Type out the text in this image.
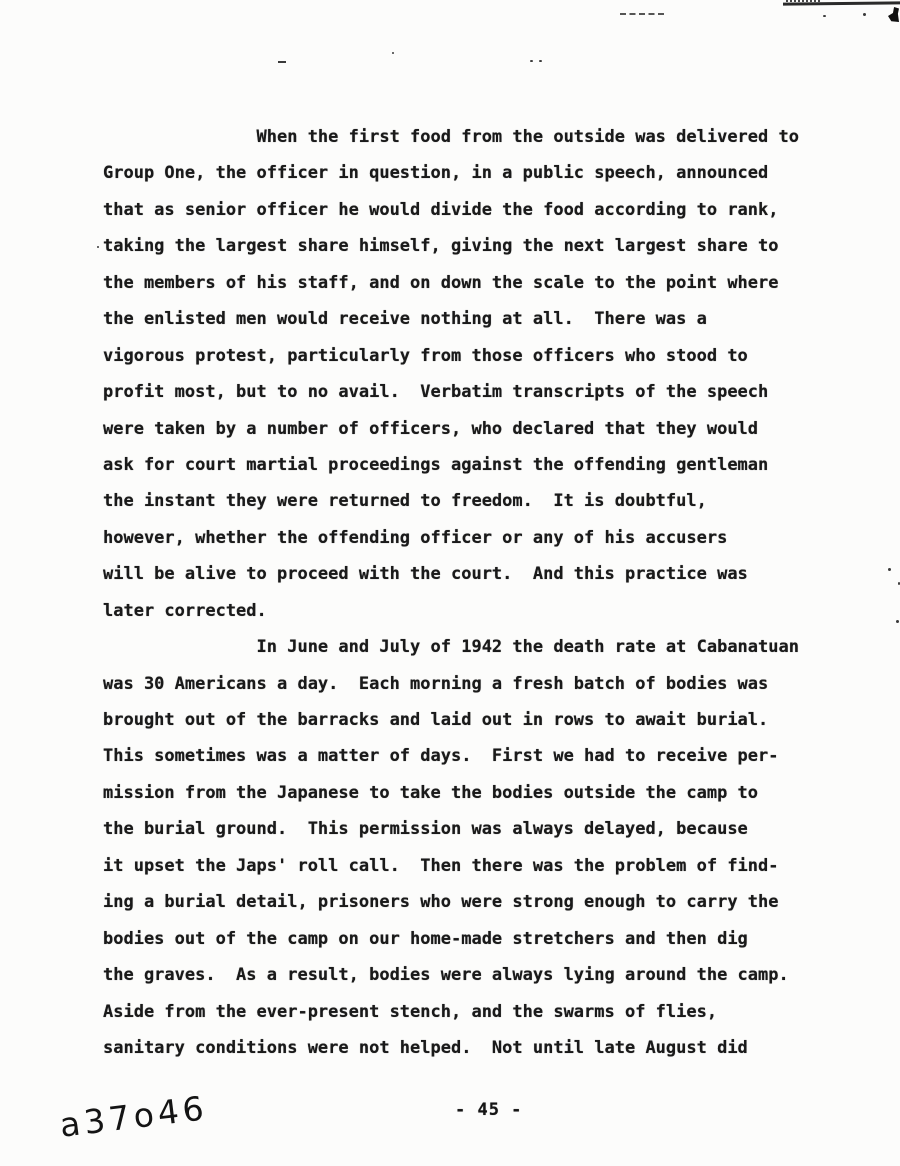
When the first food from the outside was delivered to
Group One, the officer in question, in a public speech, announced
that as senior officer he would divide the food according to rank,
taking the largest share himself, giving the next largest share to
the members of his staff, and on down the scale to the point where
the enlisted men would receive nothing at all.  There was a
vigorous protest, particularly from those officers who stood to
profit most, but to no avail.  Verbatim transcripts of the speech
were taken by a number of officers, who declared that they would
ask for court martial proceedings against the offending gentleman
the instant they were returned to freedom.  It is doubtful,
however, whether the offending officer or any of his accusers
will be alive to proceed with the court.  And this practice was
later corrected.
In June and July of 1942 the death rate at Cabanatuan
was 30 Americans a day.  Each morning a fresh batch of bodies was
brought out of the barracks and laid out in rows to await burial.
This sometimes was a matter of days.  First we had to receive per-
mission from the Japanese to take the bodies outside the camp to
the burial ground.  This permission was always delayed, because
it upset the Japs' roll call.  Then there was the problem of find-
ing a burial detail, prisoners who were strong enough to carry the
bodies out of the camp on our home-made stretchers and then dig
the graves.  As a result, bodies were always lying around the camp.
Aside from the ever-present stench, and the swarms of flies,
sanitary conditions were not helped.  Not until late August did
- 45 -
a37o46
